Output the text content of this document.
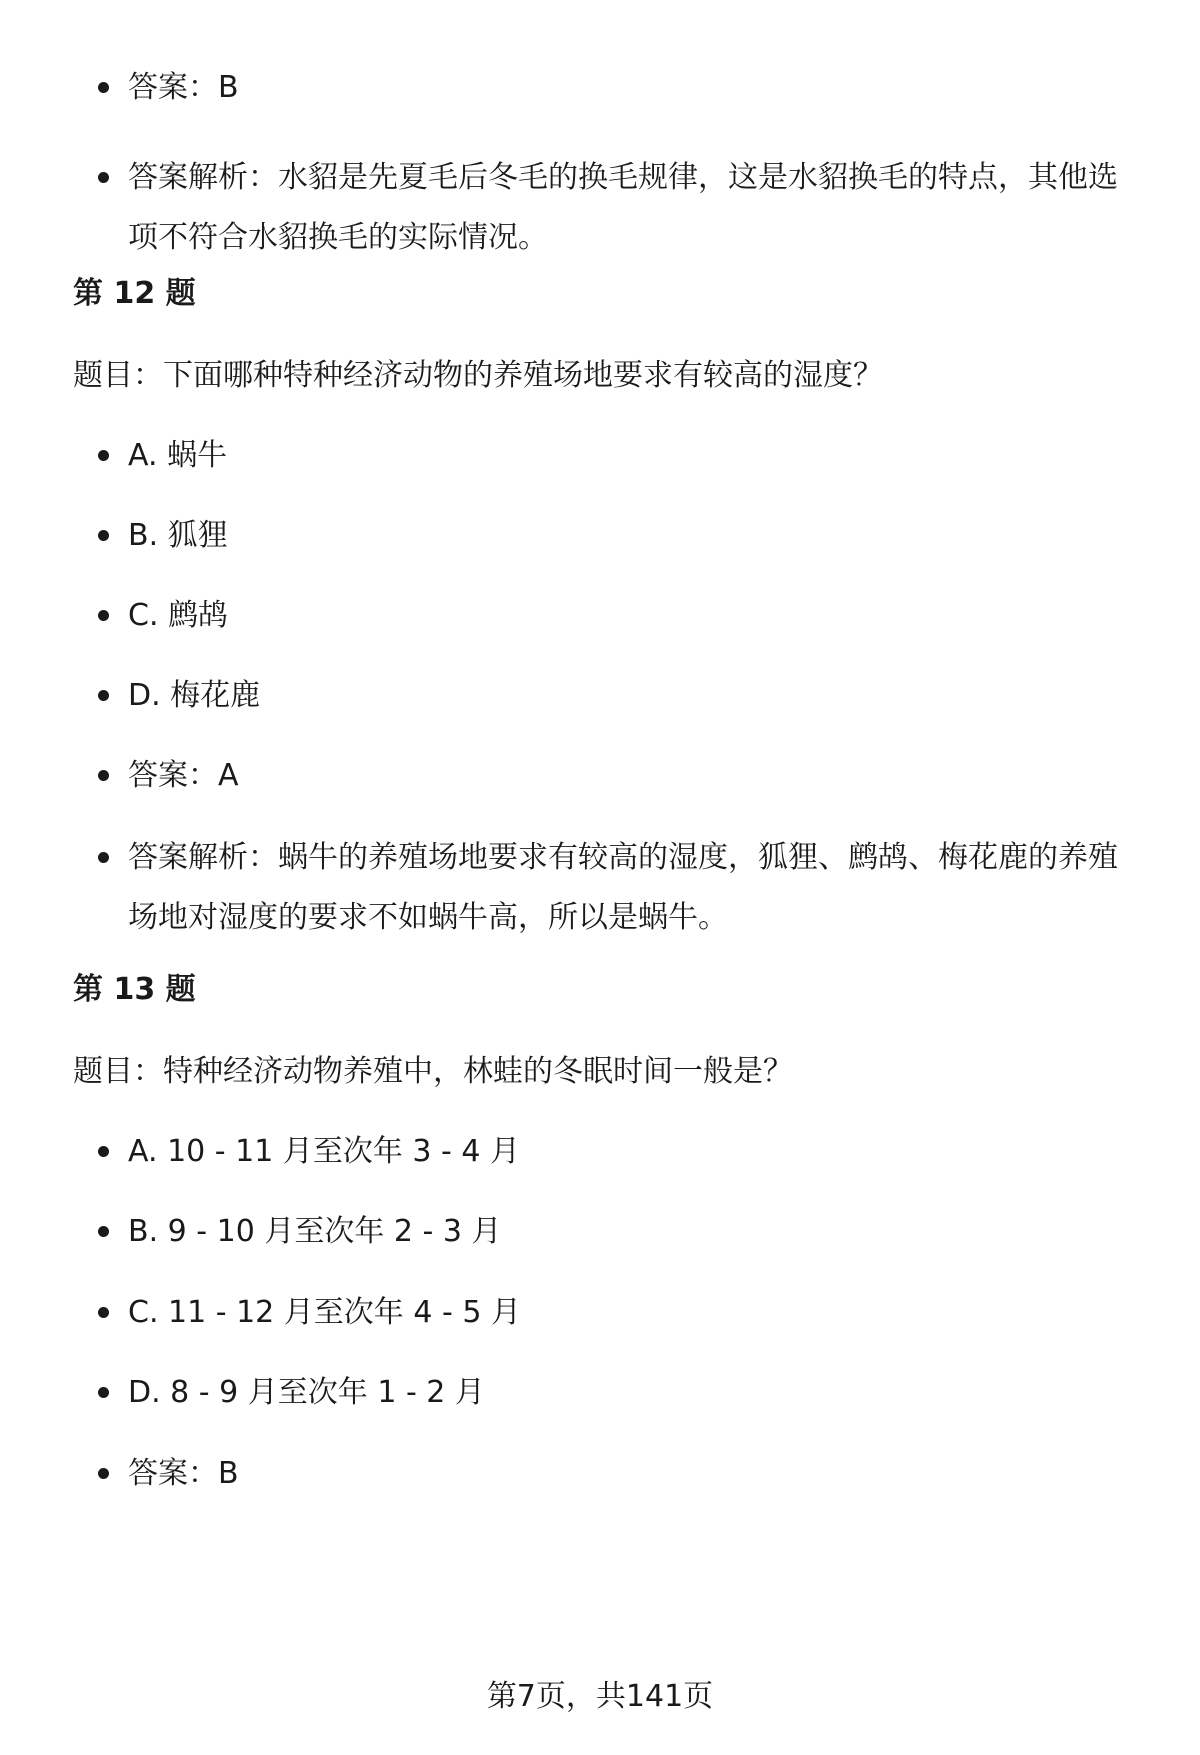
答案：B
答案解析：水貂是先夏毛后冬毛的换毛规律，这是水貂换毛的特点，其他选项不符合水貂换毛的实际情况。
第 12 题
题目：下面哪种特种经济动物的养殖场地要求有较高的湿度？
A. 蜗牛
B. 狐狸
C. 鹧鸪
D. 梅花鹿
答案：A
答案解析：蜗牛的养殖场地要求有较高的湿度，狐狸、鹧鸪、梅花鹿的养殖场地对湿度的要求不如蜗牛高，所以是蜗牛。
第 13 题
题目：特种经济动物养殖中，林蛙的冬眠时间一般是？
A. 10 - 11 月至次年 3 - 4 月
B. 9 - 10 月至次年 2 - 3 月
C. 11 - 12 月至次年 4 - 5 月
D. 8 - 9 月至次年 1 - 2 月
答案：B
第7页，共141页
